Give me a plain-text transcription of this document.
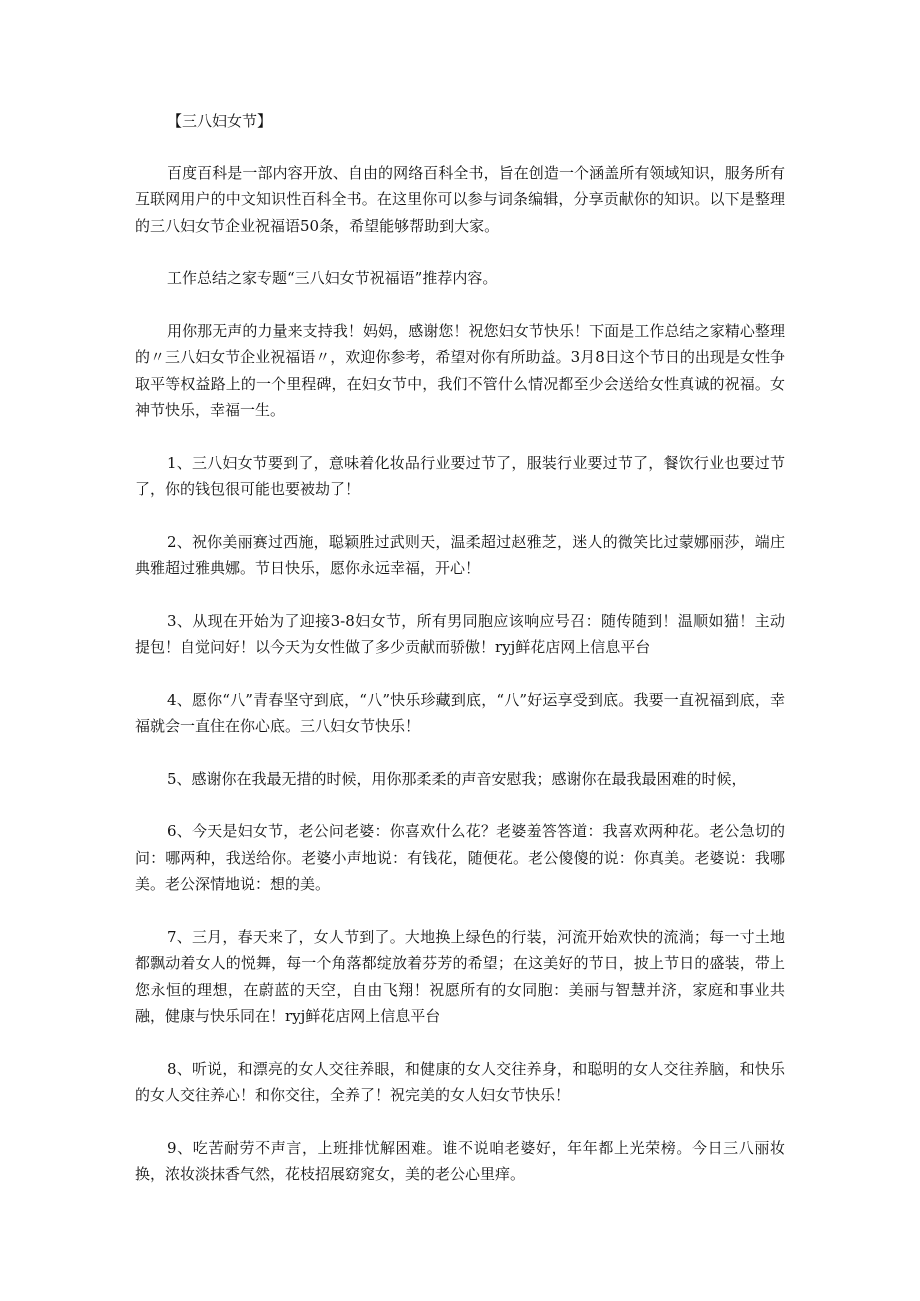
【三八妇女节】

百度百科是一部内容开放、自由的网络百科全书，旨在创造一个涵盖所有领域知识，服务所有互联网用户的中文知识性百科全书。在这里你可以参与词条编辑，分享贡献你的知识。以下是整理的三八妇女节企业祝福语50条，希望能够帮助到大家。

工作总结之家专题“三八妇女节祝福语”推荐内容。

用你那无声的力量来支持我！妈妈，感谢您！祝您妇女节快乐！下面是工作总结之家精心整理的〃三八妇女节企业祝福语〃，欢迎你参考，希望对你有所助益。3月8日这个节日的出现是女性争取平等权益路上的一个里程碑，在妇女节中，我们不管什么情况都至少会送给女性真诚的祝福。女神节快乐，幸福一生。

1、三八妇女节要到了，意味着化妆品行业要过节了，服装行业要过节了，餐饮行业也要过节了，你的钱包很可能也要被劫了！

2、祝你美丽赛过西施，聪颖胜过武则天，温柔超过赵雅芝，迷人的微笑比过蒙娜丽莎，端庄典雅超过雅典娜。节日快乐，愿你永远幸福，开心！

3、从现在开始为了迎接3-8妇女节，所有男同胞应该响应号召：随传随到！温顺如猫！主动提包！自觉问好！以今天为女性做了多少贡献而骄傲！ryj鲜花店网上信息平台

4、愿你“八”青春坚守到底，“八”快乐珍藏到底，“八”好运享受到底。我要一直祝福到底，幸福就会一直住在你心底。三八妇女节快乐！

5、感谢你在我最无措的时候，用你那柔柔的声音安慰我；感谢你在最我最困难的时候，

6、今天是妇女节，老公问老婆：你喜欢什么花？老婆羞答答道：我喜欢两种花。老公急切的问：哪两种，我送给你。老婆小声地说：有钱花，随便花。老公傻傻的说：你真美。老婆说：我哪美。老公深情地说：想的美。

7、三月，春天来了，女人节到了。大地换上绿色的行装，河流开始欢快的流淌；每一寸土地都飘动着女人的悦舞，每一个角落都绽放着芬芳的希望；在这美好的节日，披上节日的盛装，带上您永恒的理想，在蔚蓝的天空，自由飞翔！祝愿所有的女同胞：美丽与智慧并济，家庭和事业共融，健康与快乐同在！ryj鲜花店网上信息平台

8、听说，和漂亮的女人交往养眼，和健康的女人交往养身，和聪明的女人交往养脑，和快乐的女人交往养心！和你交往，全养了！祝完美的女人妇女节快乐！

9、吃苦耐劳不声言，上班排忧解困难。谁不说咱老婆好，年年都上光荣榜。今日三八丽妆换，浓妆淡抹香气然，花枝招展窈窕女，美的老公心里痒。
